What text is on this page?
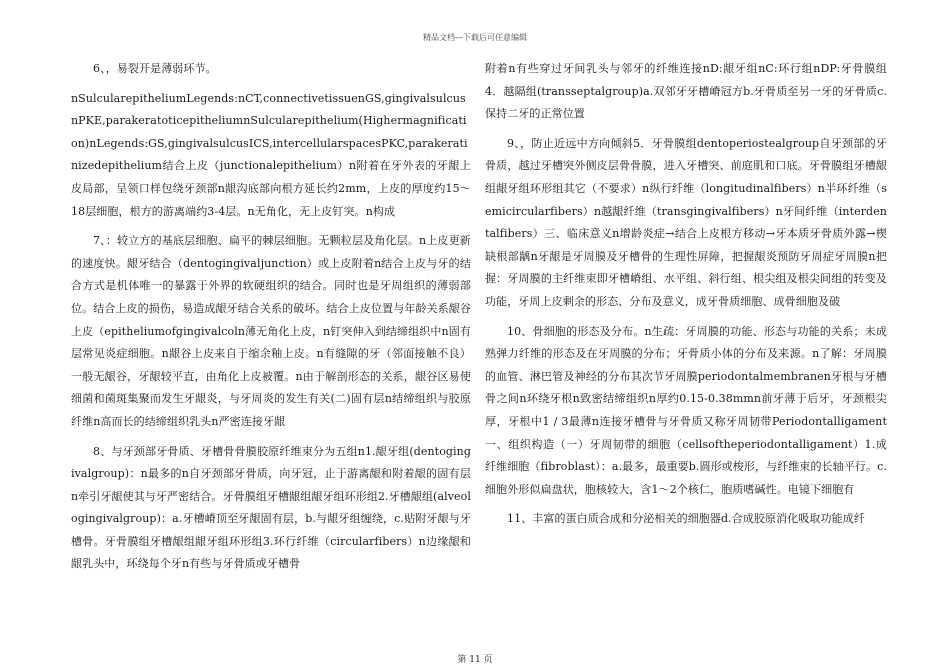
精品文档—下载后可任意编辑

6、，易裂开是薄弱环节。

nSulcularepitheliumLegends:nCT,connectivetissuenGS,gingivalsulcusnPKE,parakeratoticepitheliumnSulcularepithelium(Highermagnification)nLegends:GS,gingivalsulcusICS,intercellularspacesPKC,parakeratinizedepithelium结合上皮（junctionalepithelium）n附着在牙外表的牙龈上皮局部，呈领口样包绕牙颈部n龈沟底部向根方延长约2mm，上皮的厚度约15～18层细胞，根方的游离端约3-4层。n无角化，无上皮钉突。n构成

7、：较立方的基底层细胞、扁平的棘层细胞。无颗粒层及角化层。n上皮更新的速度快。龈牙结合（dentogingivaljunction）或上皮附着n结合上皮与牙的结合方式是机体唯一的暴露于外界的软硬组织的结合。同时也是牙周组织的薄弱部位。结合上皮的损伤，易造成龈牙结合关系的破坏。结合上皮位置与年龄关系龈谷上皮（epitheliumofgingivalcoln薄无角化上皮，n钉突伸入到结缔组织中n固有层常见炎症细胞。n龈谷上皮来自于缩余釉上皮。n有缝隙的牙（邻面接触不良）一般无龈谷，牙龈较平直，由角化上皮被覆。n由于解剖形态的关系，龈谷区易使细菌和菌斑集聚而发生牙龈炎，与牙周炎的发生有关(二)固有层n结缔组织与胶原纤维n高而长的结缔组织乳头n严密连接牙龈

8、与牙颈部牙骨质、牙槽骨骨膜胶原纤维束分为五组n1.龈牙组(dentogingivalgroup)：n最多的n自牙颈部牙骨质，向牙冠，止于游离龈和附着龈的固有层n牵引牙龈使其与牙严密结合。牙骨膜组牙槽龈组龈牙组环形组2.牙槽龈组(alveologingivalgroup)：a.牙槽嵴顶至牙龈固有层，b.与龈牙组缠绕，c.贴附牙龈与牙槽骨。牙骨膜组牙槽龈组龈牙组环形组3.环行纤维（circularfibers）n边缘龈和龈乳头中，环绕每个牙n有些与牙骨质或牙槽骨

附着n有些穿过牙间乳头与邻牙的纤维连接nD:龈牙组nC:环行组nDP:牙骨膜组4．越隔组(transseptalgroup)a.双邻牙牙槽嵴冠方b.牙骨质至另一牙的牙骨质c.保持二牙的正常位置

9、，防止近远中方向倾斜5．牙骨膜组dentoperiostealgroup自牙颈部的牙骨质，越过牙槽突外侧皮层骨骨膜，进入牙槽突、前庭肌和口底。牙骨膜组牙槽龈组龈牙组环形组其它（不要求）n纵行纤维（longitudinalfibers）n半环纤维（semicircularfibers）n越龈纤维（transgingivalfibers）n牙间纤维（interdentalfibers）三、临床意义n增龄炎症→结合上皮根方移动→牙本质牙骨质外露→楔缺根部龋n牙龈是牙周膜及牙槽骨的生理性屏障，把握龈炎预防牙周症牙周膜n把握：牙周膜的主纤维束即牙槽嵴组、水平组、斜行组、根尖组及根尖间组的转变及功能，牙周上皮剩余的形态、分布及意义，成牙骨质细胞、成骨细胞及破

10、骨细胞的形态及分布。n生疏：牙周膜的功能、形态与功能的关系；未成熟弹力纤维的形态及在牙周膜的分布；牙骨质小体的分布及来源。n了解：牙周膜的血管、淋巴管及神经的分布其次节牙周膜periodontalmembranen牙根与牙槽骨之间n环绕牙根n致密结缔组织n厚约0.15-0.38mmn前牙薄于后牙，牙颈根尖厚，牙根中1 / 3最薄n连接牙槽骨与牙骨质又称牙周韧带Periodontalligament一、组织构造（一）牙周韧带的细胞（cellsoftheperiodontalligament）1.成纤维细胞（fibroblast）：a.最多，最重要b.圆形或梭形，与纤维束的长轴平行。c.细胞外形似扁盘状，胞核较大，含1～2个核仁，胞质嗜碱性。电镜下细胞有

11、丰富的蛋白质合成和分泌相关的细胞器d.合成胶原消化吸取功能成纤

第 11 页
